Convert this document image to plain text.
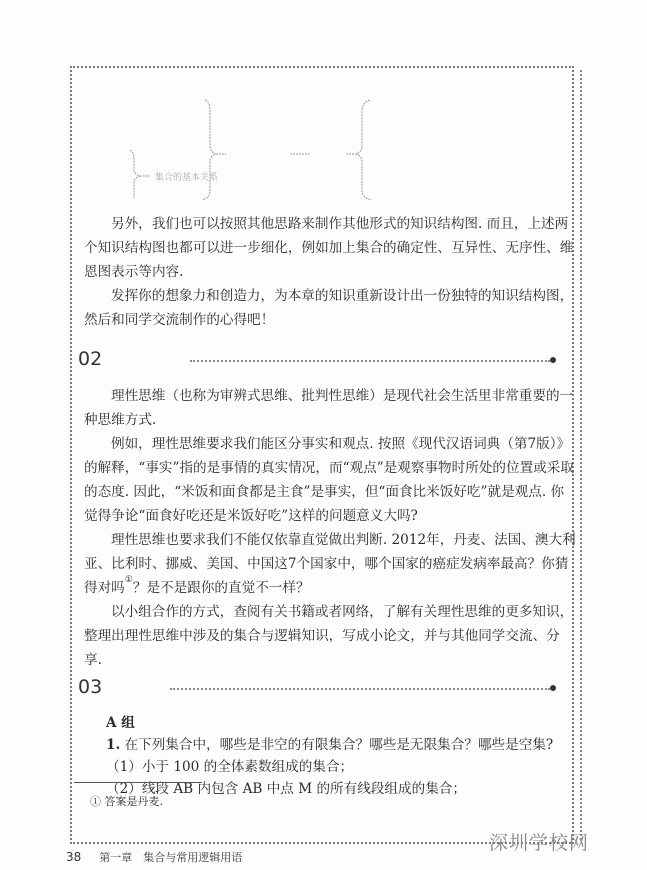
集合的基本关系

另外，我们也可以按照其他思路来制作其他形式的知识结构图. 而且，上述两个知识结构图也都可以进一步细化，例如加上集合的确定性、互异性、无序性、维恩图表示等内容.

发挥你的想象力和创造力，为本章的知识重新设计出一份独特的知识结构图，然后和同学交流制作的心得吧！

02

理性思维（也称为审辨式思维、批判性思维）是现代社会生活里非常重要的一种思维方式.

例如，理性思维要求我们能区分事实和观点. 按照《现代汉语词典（第7版）》的解释，“事实”指的是事情的真实情况，而“观点”是观察事物时所处的位置或采取的态度. 因此，“米饭和面食都是主食”是事实，但“面食比米饭好吃”就是观点. 你觉得争论“面食好吃还是米饭好吃”这样的问题意义大吗?

理性思维也要求我们不能仅依靠直觉做出判断. 2012年，丹麦、法国、澳大利亚、比利时、挪威、美国、中国这7个国家中，哪个国家的癌症发病率最高？你猜得对吗①？是不是跟你的直觉不一样？

以小组合作的方式，查阅有关书籍或者网络，了解有关理性思维的更多知识，整理出理性思维中涉及的集合与逻辑知识，写成小论文，并与其他同学交流、分享.

03
A 组
1. 在下列集合中，哪些是非空的有限集合？哪些是无限集合？哪些是空集?
（1）小于 100 的全体素数组成的集合；
（2）线段 AB 内包含 AB 中点 M 的所有线段组成的集合；
① 答案是丹麦.
38 第一章　集合与常用逻辑用语
深圳学校网
